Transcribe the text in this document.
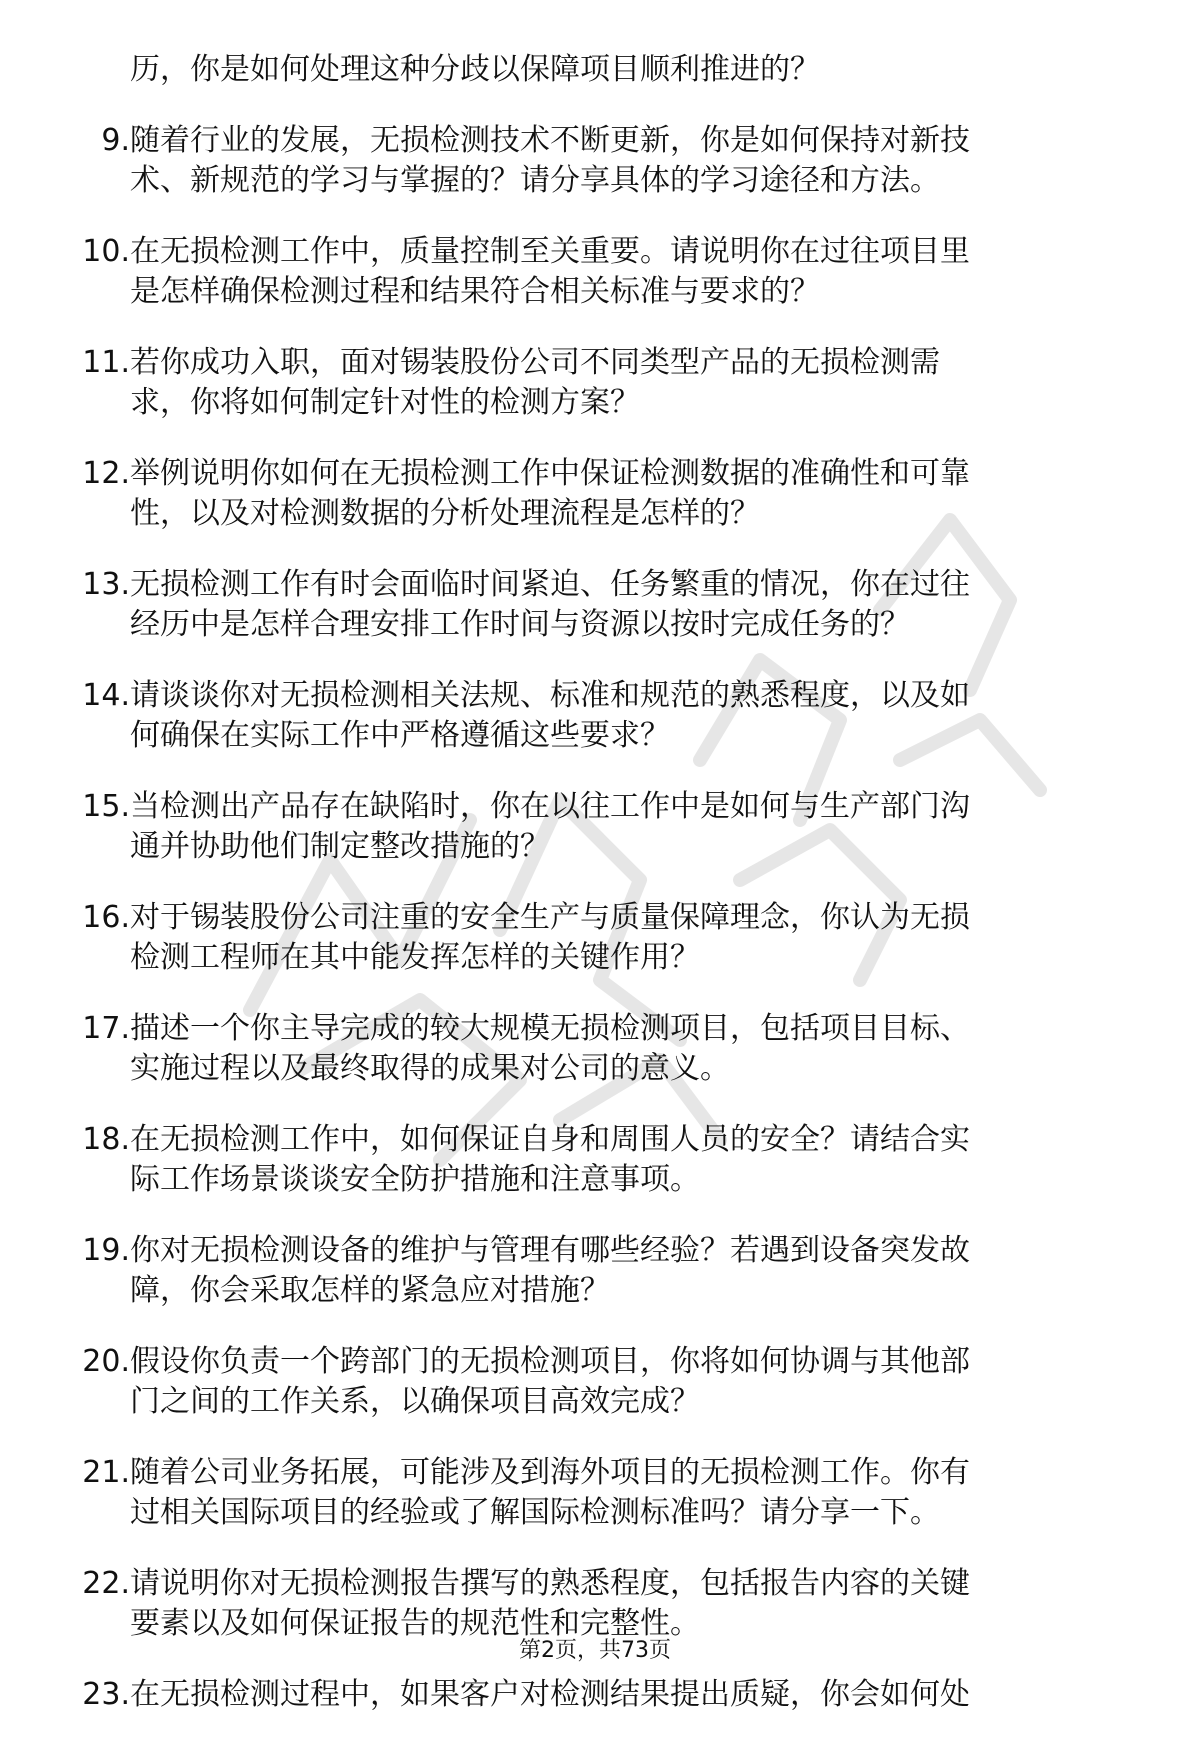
历，你是如何处理这种分歧以保障项目顺利推进的？
9. 随着行业的发展，无损检测技术不断更新，你是如何保持对新技
术、新规范的学习与掌握的？请分享具体的学习途径和方法。
10. 在无损检测工作中，质量控制至关重要。请说明你在过往项目里
是怎样确保检测过程和结果符合相关标准与要求的？
11. 若你成功入职，面对锡装股份公司不同类型产品的无损检测需
求，你将如何制定针对性的检测方案？
12. 举例说明你如何在无损检测工作中保证检测数据的准确性和可靠
性，以及对检测数据的分析处理流程是怎样的？
13. 无损检测工作有时会面临时间紧迫、任务繁重的情况，你在过往
经历中是怎样合理安排工作时间与资源以按时完成任务的？
14. 请谈谈你对无损检测相关法规、标准和规范的熟悉程度，以及如
何确保在实际工作中严格遵循这些要求？
15. 当检测出产品存在缺陷时，你在以往工作中是如何与生产部门沟
通并协助他们制定整改措施的？
16. 对于锡装股份公司注重的安全生产与质量保障理念，你认为无损
检测工程师在其中能发挥怎样的关键作用？
17. 描述一个你主导完成的较大规模无损检测项目，包括项目目标、
实施过程以及最终取得的成果对公司的意义。
18. 在无损检测工作中，如何保证自身和周围人员的安全？请结合实
际工作场景谈谈安全防护措施和注意事项。
19. 你对无损检测设备的维护与管理有哪些经验？若遇到设备突发故
障，你会采取怎样的紧急应对措施？
20. 假设你负责一个跨部门的无损检测项目，你将如何协调与其他部
门之间的工作关系，以确保项目高效完成？
21. 随着公司业务拓展，可能涉及到海外项目的无损检测工作。你有
过相关国际项目的经验或了解国际检测标准吗？请分享一下。
22. 请说明你对无损检测报告撰写的熟悉程度，包括报告内容的关键
要素以及如何保证报告的规范性和完整性。
23. 在无损检测过程中，如果客户对检测结果提出质疑，你会如何处
第2页，共73页
